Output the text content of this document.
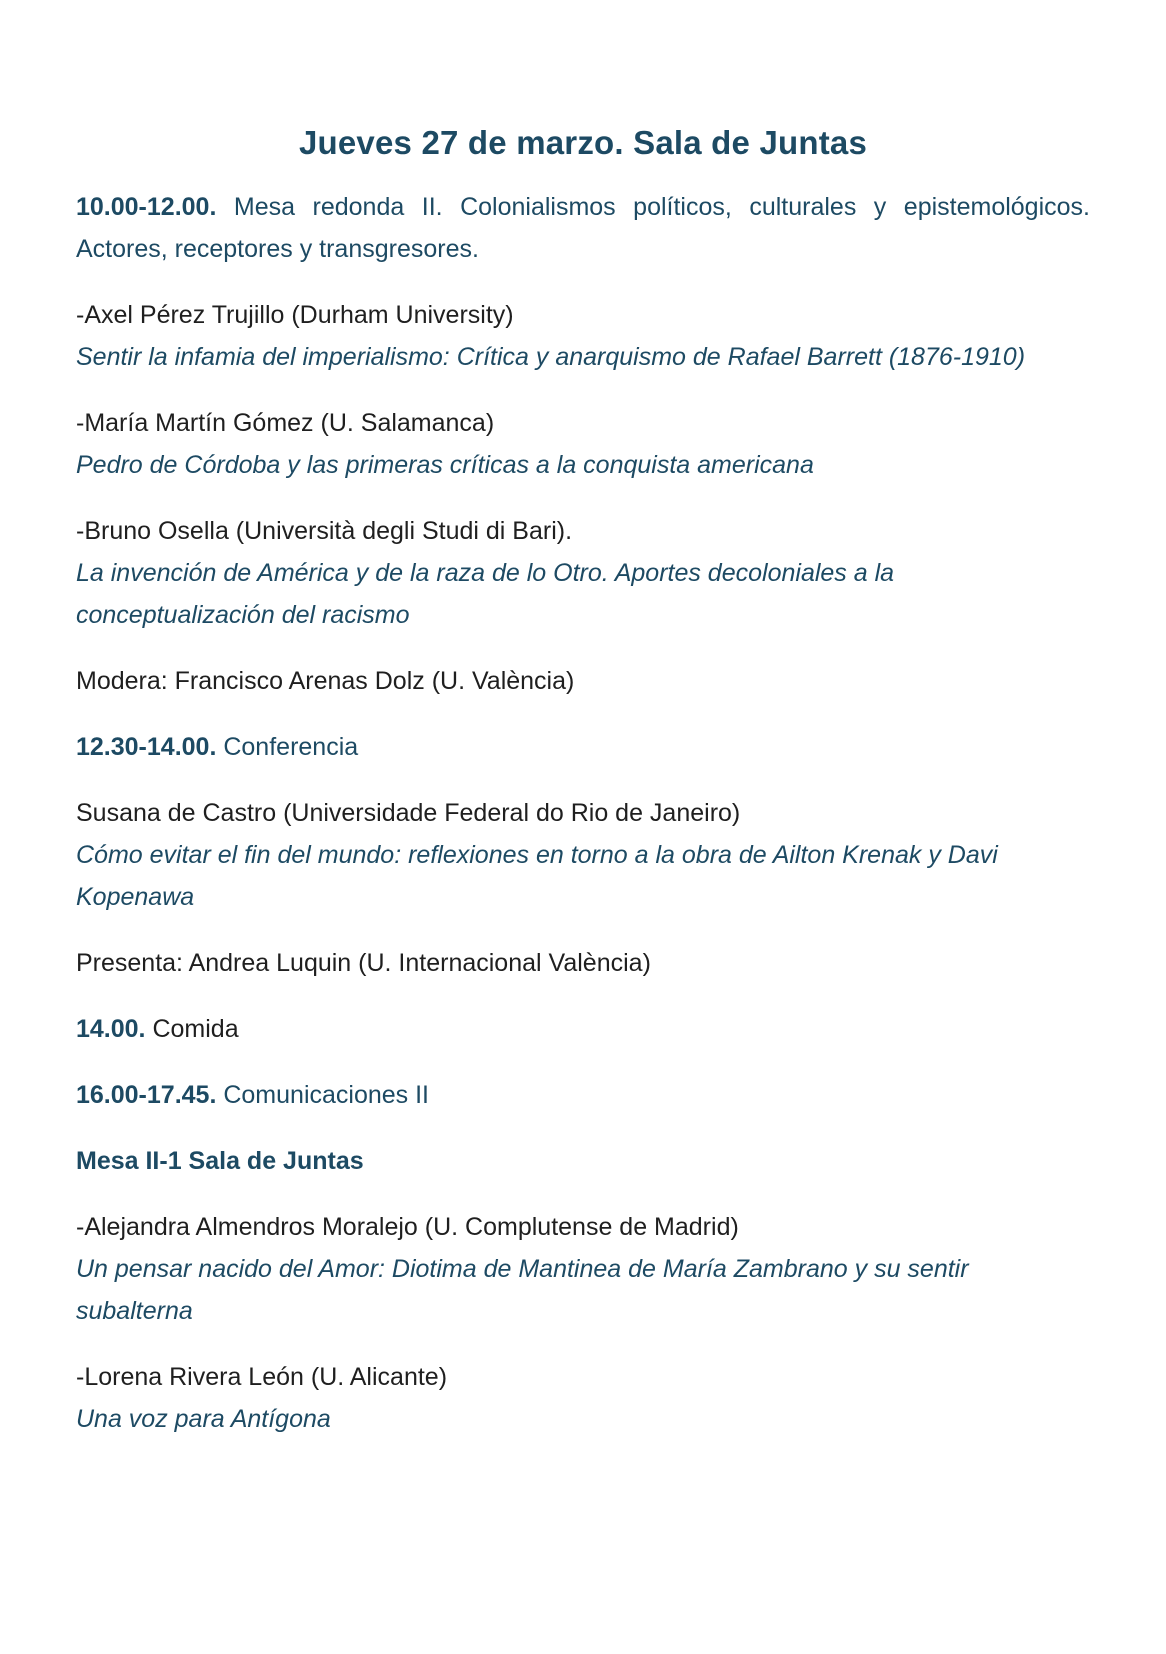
Jueves 27 de marzo. Sala de Juntas

10.00-12.00. Mesa redonda II. Colonialismos políticos, culturales y epistemológicos. Actores, receptores y transgresores.

-Axel Pérez Trujillo (Durham University)
Sentir la infamia del imperialismo: Crítica y anarquismo de Rafael Barrett (1876-1910)
-María Martín Gómez (U. Salamanca)
Pedro de Córdoba y las primeras críticas a la conquista americana
-Bruno Osella (Università degli Studi di Bari).
La invención de América y de la raza de lo Otro. Aportes decoloniales a la conceptualización del racismo

Modera: Francisco Arenas Dolz (U. València)

12.30-14.00. Conferencia

Susana de Castro (Universidade Federal do Rio de Janeiro)
Cómo evitar el fin del mundo: reflexiones en torno a la obra de Ailton Krenak y Davi Kopenawa

Presenta: Andrea Luquin (U. Internacional València)

14.00. Comida

16.00-17.45. Comunicaciones II

Mesa II-1 Sala de Juntas

-Alejandra Almendros Moralejo (U. Complutense de Madrid)
Un pensar nacido del Amor: Diotima de Mantinea de María Zambrano y su sentir subalterna
-Lorena Rivera León (U. Alicante)
Una voz para Antígona
